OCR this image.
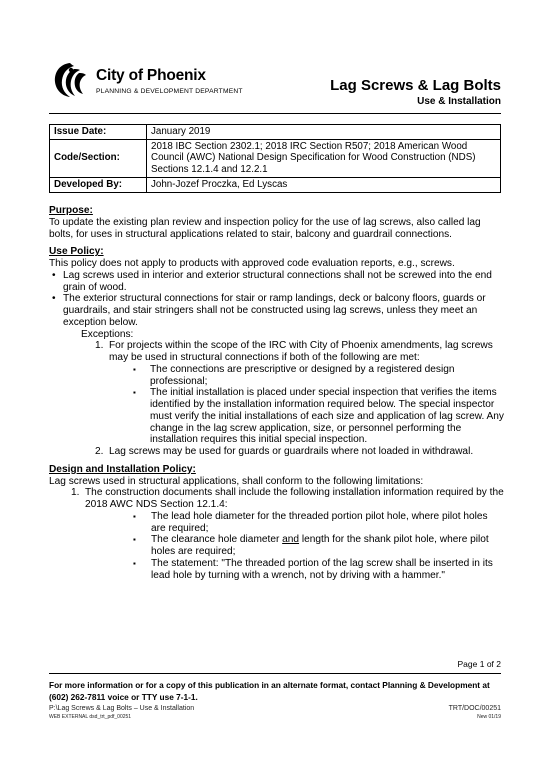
City of Phoenix
PLANNING & DEVELOPMENT DEPARTMENT	Lag Screws & Lag Bolts
Use & Installation
Issue Date:	January 2019
Code/Section:	2018 IBC Section 2302.1; 2018 IRC Section R507; 2018 American Wood Council (AWC) National Design Specification for Wood Construction (NDS) Sections 12.1.4 and 12.2.1
Developed By:	John-Jozef Proczka, Ed Lyscas

Purpose:

To update the existing plan review and inspection policy for the use of lag screws, also called lag bolts, for uses in structural applications related to stair, balcony and guardrail connections.

Use Policy:

This policy does not apply to products with approved code evaluation reports, e.g., screws.

• Lag screws used in interior and exterior structural connections shall not be screwed into the end grain of wood.

• The exterior structural connections for stair or ramp landings, deck or balcony floors, guards or guardrails, and stair stringers shall not be constructed using lag screws, unless they meet an exception below.

Exceptions:

1. For projects within the scope of the IRC with City of Phoenix amendments, lag screws may be used in structural connections if both of the following are met:

▪ The connections are prescriptive or designed by a registered design professional;

▪ The initial installation is placed under special inspection that verifies the items identified by the installation information required below. The special inspector must verify the initial installations of each size and application of lag screw. Any change in the lag screw application, size, or personnel performing the installation requires this initial special inspection.

2. Lag screws may be used for guards or guardrails where not loaded in withdrawal.

Design and Installation Policy:

Lag screws used in structural applications, shall conform to the following limitations:

1. The construction documents shall include the following installation information required by the 2018 AWC NDS Section 12.1.4:

▪ The lead hole diameter for the threaded portion pilot hole, where pilot holes are required;

▪ The clearance hole diameter and length for the shank pilot hole, where pilot holes are required;

▪ The statement: "The threaded portion of the lag screw shall be inserted in its lead hole by turning with a wrench, not by driving with a hammer."

Page 1 of 2
For more information or for a copy of this publication in an alternate format, contact Planning & Development at (602) 262-7811 voice or TTY use 7-1-1.
P:\Lag Screws & Lag Bolts – Use & Installation
WEB EXTERNAL dsd_trt_pdf_00251
TRT/DOC/00251
New 01/19
